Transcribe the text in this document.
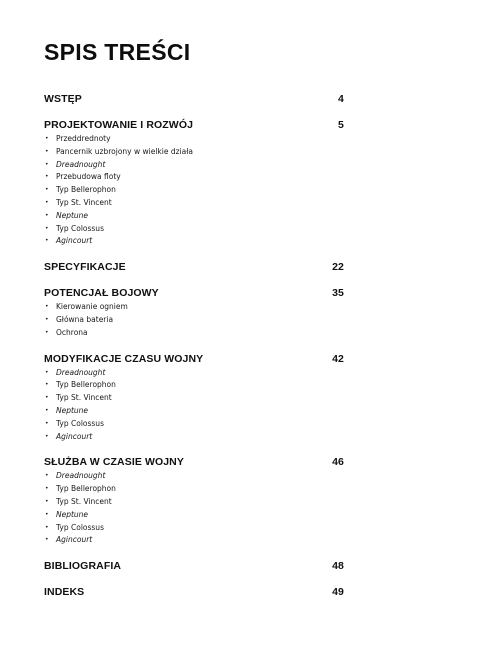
SPIS TREŚCI
WSTĘP	4
PROJEKTOWANIE I ROZWÓJ	5
• Przeddrednoty
• Pancernik uzbrojony w wielkie działa
• Dreadnought
• Przebudowa floty
• Typ Bellerophon
• Typ St. Vincent
• Neptune
• Typ Colossus
• Agincourt
SPECYFIKACJE	22
POTENCJAŁ BOJOWY	35
• Kierowanie ogniem
• Główna bateria
• Ochrona
MODYFIKACJE CZASU WOJNY	42
• Dreadnought
• Typ Bellerophon
• Typ St. Vincent
• Neptune
• Typ Colossus
• Agincourt
SŁUŻBA W CZASIE WOJNY	46
• Dreadnought
• Typ Bellerophon
• Typ St. Vincent
• Neptune
• Typ Colossus
• Agincourt
BIBLIOGRAFIA	48
INDEKS	49
